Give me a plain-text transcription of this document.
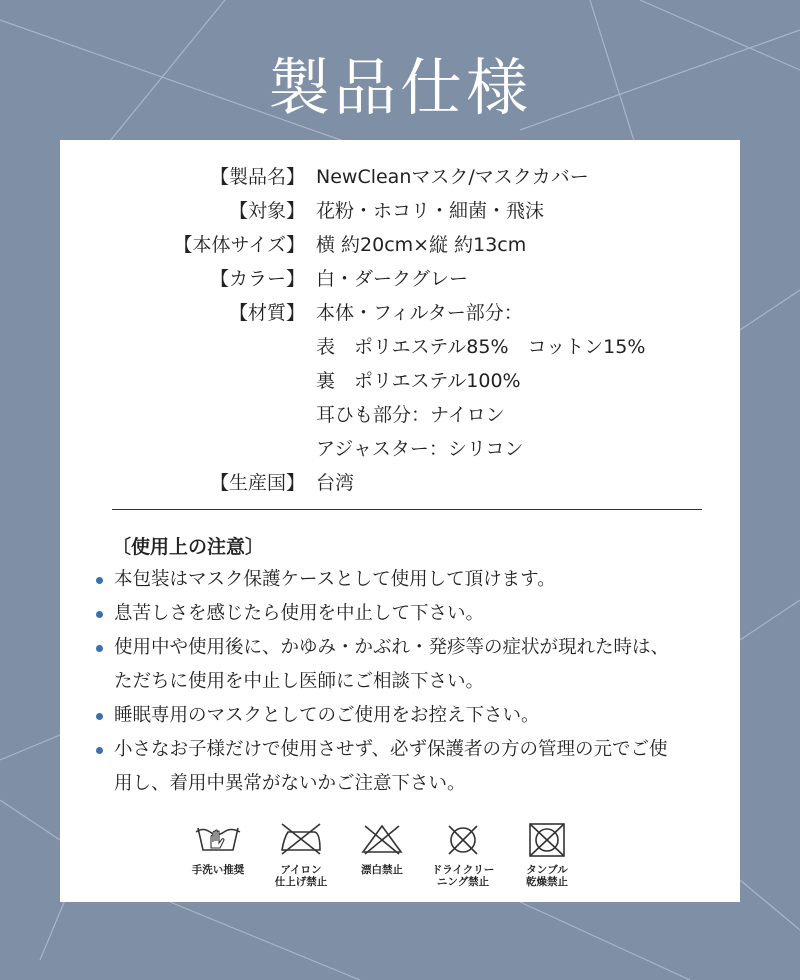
製品仕様
【製品名】 NewCleanマスク/マスクカバー
【対象】 花粉・ホコリ・細菌・飛沫
【本体サイズ】 横 約20cm×縦 約13cm
【カラー】 白・ダークグレー
【材質】 本体・フィルター部分：
表　ポリエステル85%　コットン15%
裏　ポリエステル100%
耳ひも部分：ナイロン
アジャスター：シリコン
【生産国】 台湾
〔使用上の注意〕
本包装はマスク保護ケースとして使用して頂けます。
息苦しさを感じたら使用を中止して下さい。
使用中や使用後に、かゆみ・かぶれ・発疹等の症状が現れた時は、
ただちに使用を中止し医師にご相談下さい。
睡眠専用のマスクとしてのご使用をお控え下さい。
小さなお子様だけで使用させず、必ず保護者の方の管理の元でご使
用し、着用中異常がないかご注意下さい。
手洗い推奨	アイロン
仕上げ禁止
漂白禁止	ドライクリー
ニング禁止
タンブル
乾燥禁止
